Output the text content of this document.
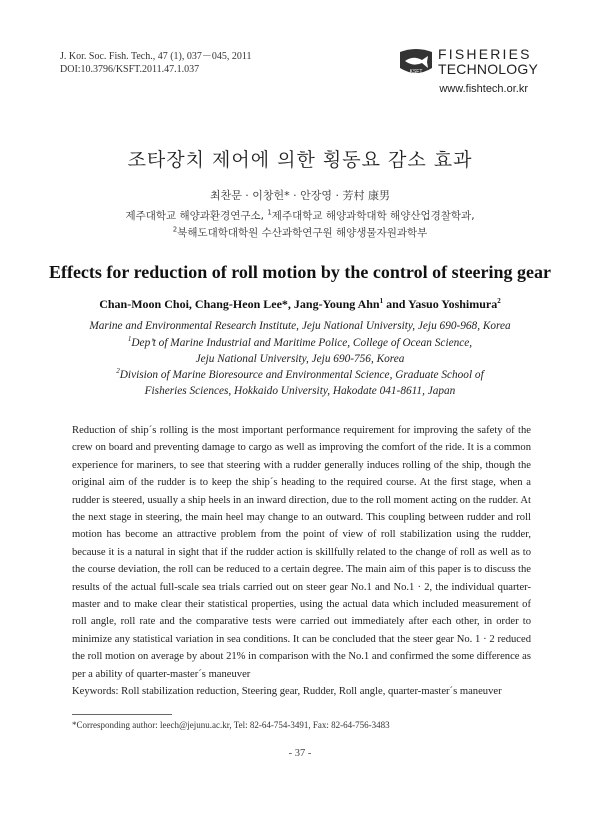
J. Kor. Soc. Fish. Tech., 47 (1), 037－045, 2011
DOI:10.3796/KSFT.2011.47.1.037	KSFT
FISHERIES
TECHNOLOGY
www.fishtech.or.kr
조타장치 제어에 의한 횡동요 감소 효과
최찬문 · 이창헌* · 안장영 · 芳村 康男
제주대학교 해양과환경연구소, $^1$제주대학교 해양과학대학 해양산업경찰학과,
$^2$북해도대학대학원 수산과학연구원 해양생물자원과학부
Effects for reduction of roll motion by the control of steering gear
Chan-Moon Choi, Chang-Heon Lee*, Jang-Young Ahn$^1$ and Yasuo Yoshimura$^2$
Marine and Environmental Research Institute, Jeju National University, Jeju 690-968, Korea
$^1$Dep’t of Marine Industrial and Maritime Police, College of Ocean Science,
Jeju National University, Jeju 690-756, Korea
$^2$Division of Marine Bioresource and Environmental Science, Graduate School of
Fisheries Sciences, Hokkaido University, Hakodate 041-8611, Japan
Reduction of ship´s rolling is the most important performance requirement for improving the safety of the crew on board and preventing damage to cargo as well as improving the comfort of the ride. It is a common experience for mariners, to see that steering with a rudder generally induces rolling of the ship, though the original aim of the rudder is to keep the ship´s heading to the required course. At the first stage, when a rudder is steered, usually a ship heels in an inward direction, due to the roll moment acting on the rudder. At the next stage in steering, the main heel may change to an outward. This coupling between rudder and roll motion has become an attractive problem from the point of view of roll stabilization using the rudder, because it is a natural in sight that if the rudder action is skillfully related to the change of roll as well as to the course deviation, the roll can be reduced to a certain degree. The main aim of this paper is to discuss the results of the actual full-scale sea trials carried out on steer gear No.1 and No.1 · 2, the individual quarter-master and to make clear their statistical properties, using the actual data which included measurement of roll angle, roll rate and the comparative tests were carried out immediately after each other, in order to minimize any statistical variation in sea conditions. It can be concluded that the steer gear No. 1 · 2 reduced the roll motion on average by about 21% in comparison with the No.1 and confirmed the some difference as per a ability of quarter-master´s maneuver
Keywords: Roll stabilization reduction, Steering gear, Rudder, Roll angle, quarter-master´s maneuver
*Corresponding author: leech@jejunu.ac.kr, Tel: 82-64-754-3491, Fax: 82-64-756-3483
- 37 -
